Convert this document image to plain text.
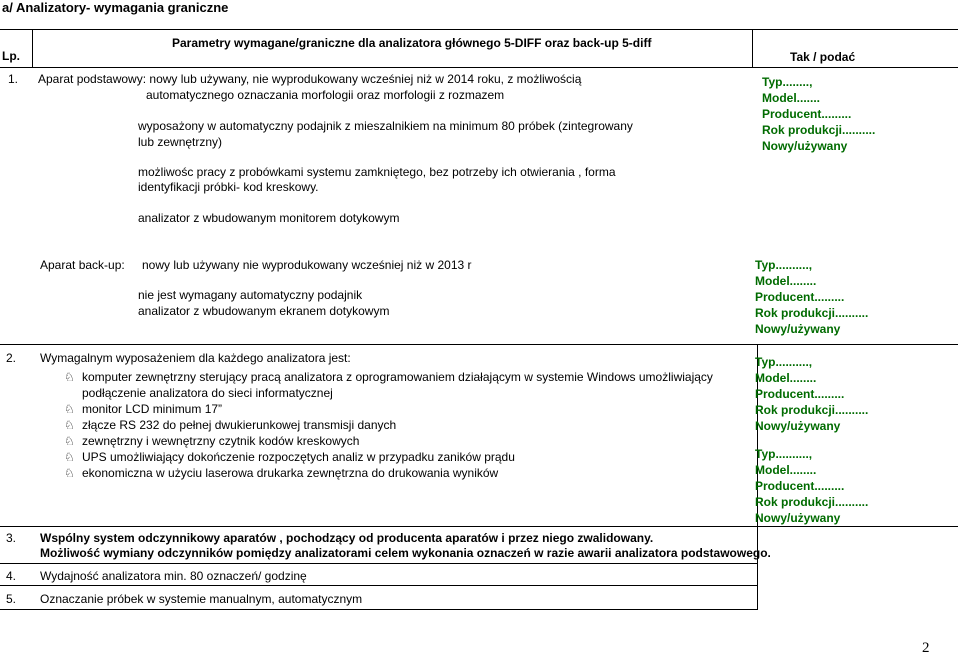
a/ Analizatory- wymagania graniczne
Lp.
Parametry wymagane/graniczne dla analizatora głównego 5-DIFF oraz back-up 5-diff
Tak / podać
1. Aparat podstawowy: nowy lub używany, nie wyprodukowany wcześniej niż w 2014 roku, z możliwością
automatycznego oznaczania morfologii oraz morfologii z rozmazem
wyposażony w automatyczny podajnik z mieszalnikiem na minimum 80 próbek (zintegrowany
lub zewnętrzny)
możliwośc pracy z probówkami systemu zamkniętego, bez potrzeby ich otwierania , forma
identyfikacji próbki- kod kreskowy.
analizator z wbudowanym monitorem dotykowym
Typ........,
Model.......
Producent.........
Rok produkcji..........
Nowy/używany
Aparat back-up: nowy lub używany nie wyprodukowany wcześniej niż w 2013 r
nie jest wymagany automatyczny podajnik
analizator z wbudowanym ekranem dotykowym
Typ..........,
Model........
Producent.........
Rok produkcji..........
Nowy/używany
2. Wymagalnym wyposażeniem dla każdego analizatora jest:
♘ komputer zewnętrzny sterujący pracą analizatora z oprogramowaniem działającym w systemie Windows umożliwiający
podłączenie analizatora do sieci informatycznej
♘ monitor LCD minimum 17”
♘ złącze RS 232 do pełnej dwukierunkowej transmisji danych
♘ zewnętrzny i wewnętrzny czytnik kodów kreskowych
♘ UPS umożliwiający dokończenie rozpoczętych analiz w przypadku zaników prądu
♘ ekonomiczna w użyciu laserowa drukarka zewnętrzna do drukowania wyników
Typ..........,
Model........
Producent.........
Rok produkcji..........
Nowy/używany
Typ..........,
Model........
Producent.........
Rok produkcji..........
Nowy/używany
3. Wspólny system odczynnikowy aparatów , pochodzący od producenta aparatów i przez niego zwalidowany.
Możliwość wymiany odczynników pomiędzy analizatorami celem wykonania oznaczeń w razie awarii analizatora podstawowego.
4. Wydajność analizatora min. 80 oznaczeń/ godzinę
5. Oznaczanie próbek w systemie manualnym, automatycznym
2
